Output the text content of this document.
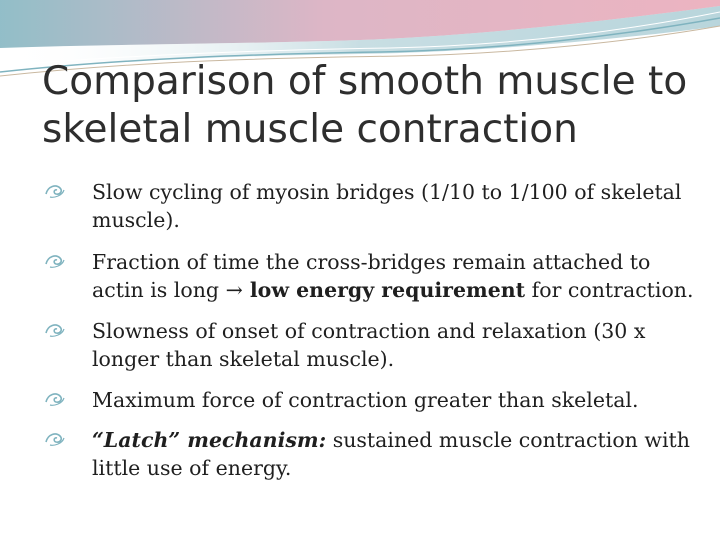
Comparison of smooth muscle to skeletal muscle contraction
Slow cycling of myosin bridges (1/10 to 1/100 of skeletal muscle).
Fraction of time the cross-bridges remain attached to actin is long → low energy requirement for contraction.
Slowness of onset of contraction and relaxation (30 x longer than skeletal muscle).
Maximum force of contraction greater than skeletal.
“Latch” mechanism: sustained muscle contraction with little use of energy.
